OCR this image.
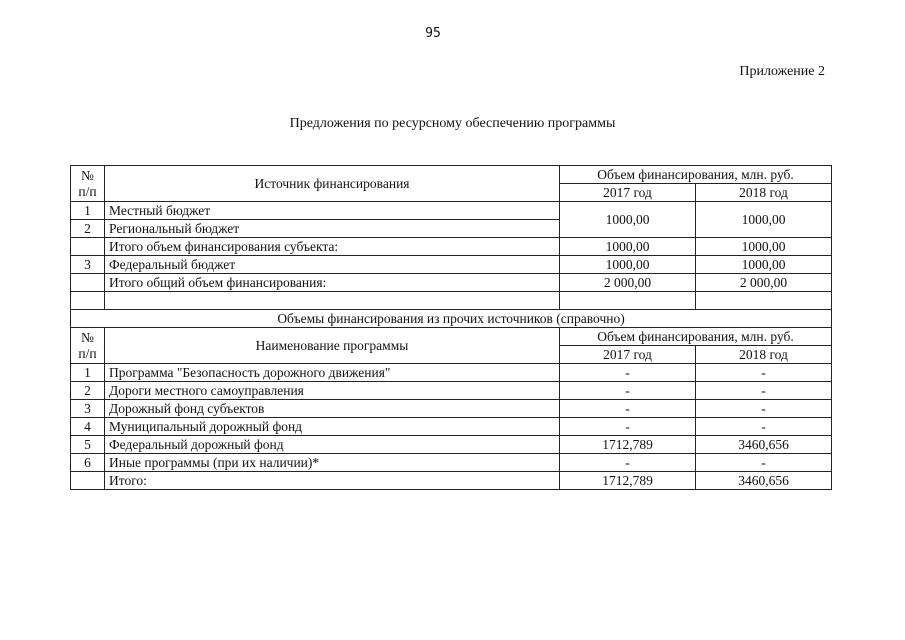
95
Приложение 2
Предложения по ресурсному обеспечению программы
№
п/п	Источник финансирования	Объем финансирования, млн. руб.	
		2017 год	2018 год
1	Местный бюджет	1000,00	1000,00
2	Региональный бюджет		
	Итого объем финансирования субъекта:	1000,00	1000,00
3	Федеральный бюджет	1000,00	1000,00
	Итого общий объем финансирования:	2 000,00	2 000,00

Объемы финансирования из прочих источников (справочно)			

№
п/п	Наименование программы	Объем финансирования, млн. руб.	
		2017 год	2018 год
1	Программа "Безопасность дорожного движения"	-	-
2	Дороги местного самоуправления	-	-
3	Дорожный фонд субъектов	-	-
4	Муниципальный дорожный фонд	-	-
5	Федеральный дорожный фонд	1712,789	3460,656
6	Иные программы (при их наличии)*	-	-
	Итого:	1712,789	3460,656
